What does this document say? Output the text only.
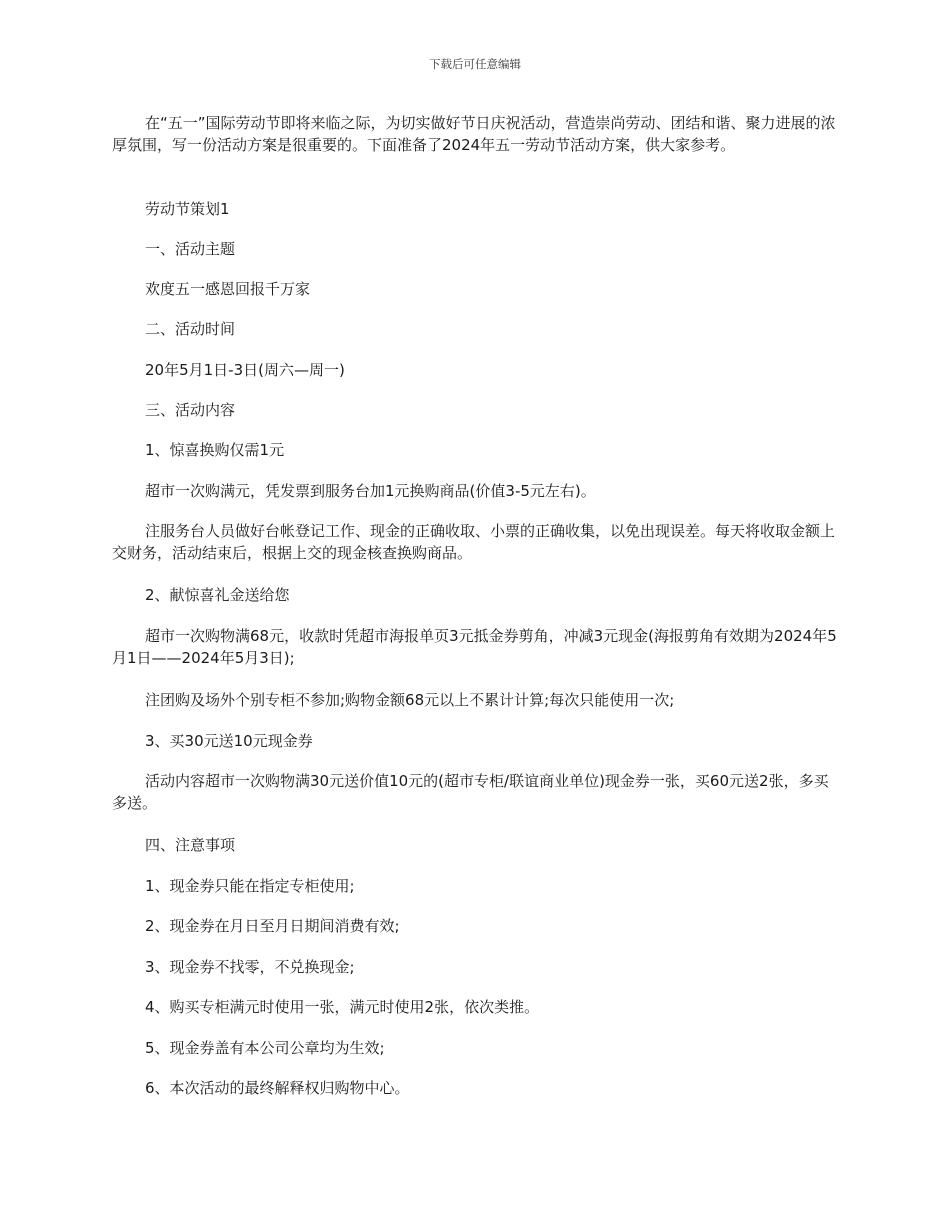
下载后可任意编辑
在“五一”国际劳动节即将来临之际，为切实做好节日庆祝活动，营造崇尚劳动、团结和谐、聚力进展的浓厚氛围，写一份活动方案是很重要的。下面准备了2024年五一劳动节活动方案，供大家参考。
劳动节策划1
一、活动主题
欢度五一感恩回报千万家
二、活动时间
20年5月1日-3日(周六—周一)
三、活动内容
1、惊喜换购仅需1元
超市一次购满元，凭发票到服务台加1元换购商品(价值3-5元左右)。
注服务台人员做好台帐登记工作、现金的正确收取、小票的正确收集，以免出现误差。每天将收取金额上交财务，活动结束后，根据上交的现金核查换购商品。
2、献惊喜礼金送给您
超市一次购物满68元，收款时凭超市海报单页3元抵金券剪角，冲减3元现金(海报剪角有效期为2024年5月1日——2024年5月3日);
注团购及场外个别专柜不参加;购物金额68元以上不累计计算;每次只能使用一次;
3、买30元送10元现金券
活动内容超市一次购物满30元送价值10元的(超市专柜/联谊商业单位)现金券一张，买60元送2张，多买多送。
四、注意事项
1、现金券只能在指定专柜使用;
2、现金券在月日至月日期间消费有效;
3、现金券不找零，不兑换现金;
4、购买专柜满元时使用一张，满元时使用2张，依次类推。
5、现金券盖有本公司公章均为生效;
6、本次活动的最终解释权归购物中心。
